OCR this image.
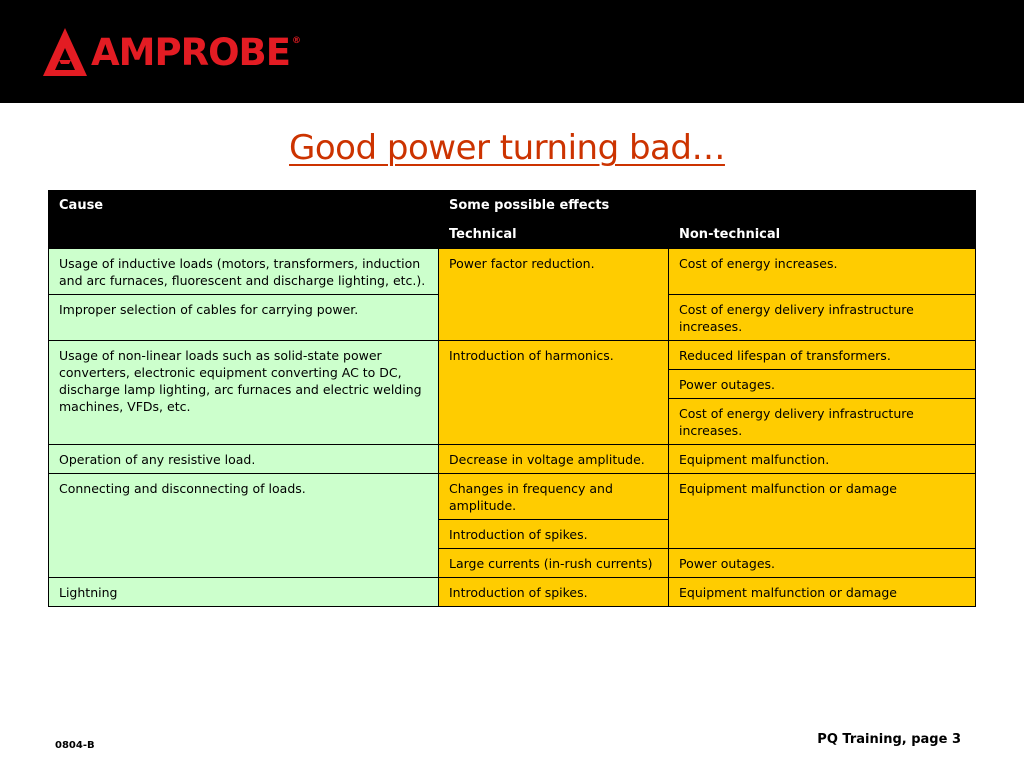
AMPROBE ®
Good power turning bad…
Cause	Some possible effects	
	Technical	Non-technical
Usage of inductive loads (motors, transformers, induction and arc furnaces, fluorescent and discharge lighting, etc.).	Power factor reduction.	Cost of energy increases.
Improper selection of cables for carrying power.		Cost of energy delivery infrastructure increases.
Usage of non-linear loads such as solid-state power converters, electronic equipment converting AC to DC, discharge lamp lighting, arc furnaces and electric welding machines, VFDs, etc.	Introduction of harmonics.	Reduced lifespan of transformers.
		Power outages.
		Cost of energy delivery infrastructure increases.
Operation of any resistive load.	Decrease in voltage amplitude.	Equipment malfunction.
Connecting and disconnecting of loads.	Changes in frequency and amplitude.	Equipment malfunction or damage
	Introduction of spikes.	
	Large currents (in-rush currents)	Power outages.
Lightning	Introduction of spikes.	Equipment malfunction or damage
0804-B	PQ Training, page 3
